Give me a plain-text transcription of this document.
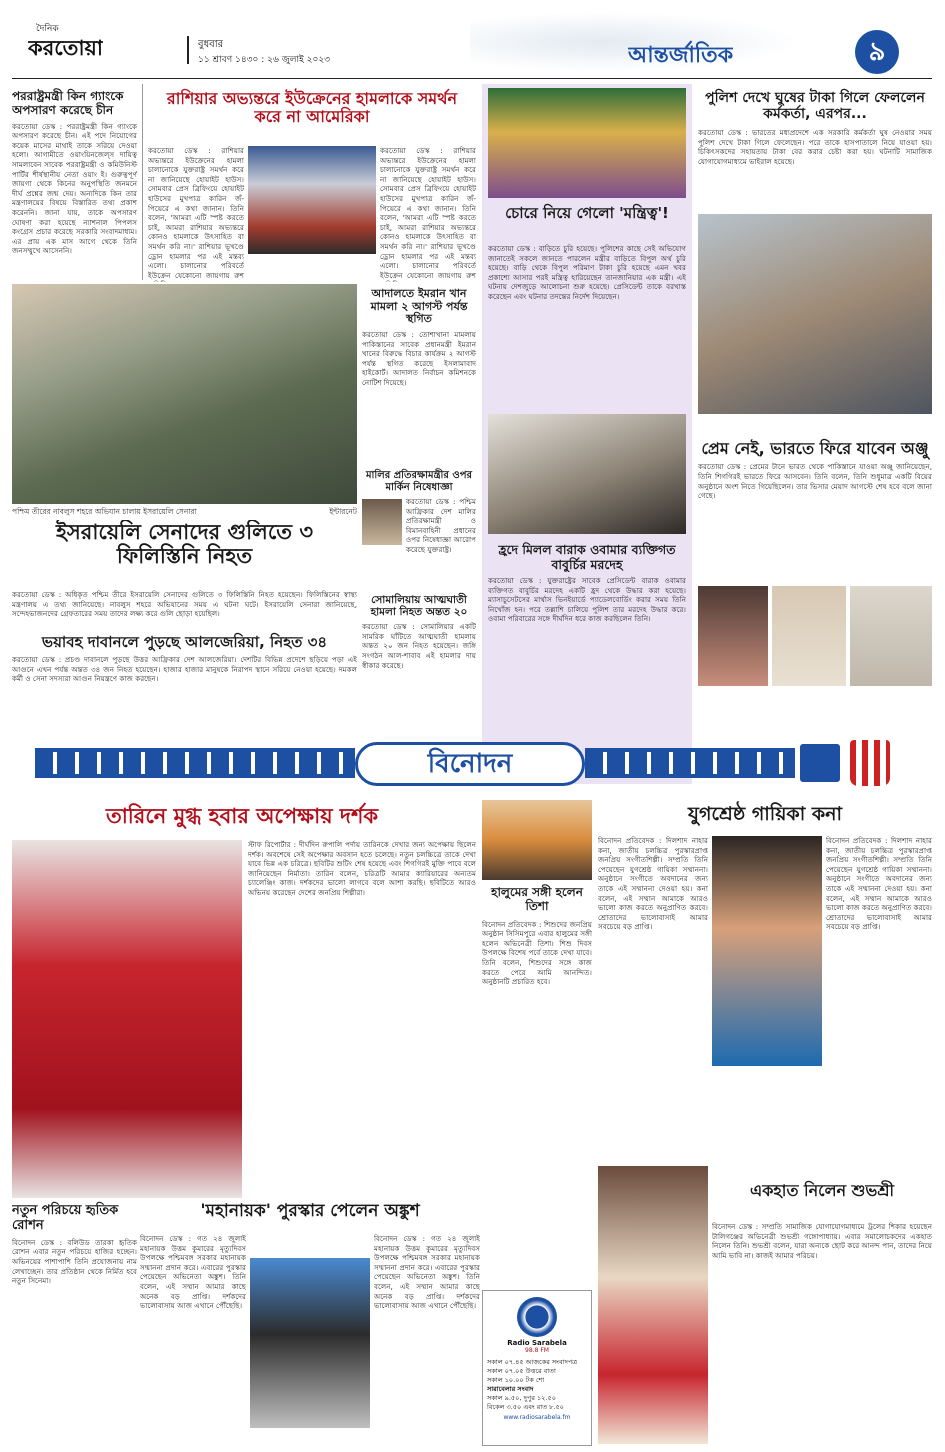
দৈনিক
করতোয়া	বুধবার
১১ শ্রাবণ ১৪৩০ : ২৬ জুলাই ২০২৩	আন্তর্জাতিক	৯
পররাষ্ট্রমন্ত্রী কিন গ্যাংকে অপসারণ করেছে চীন
করতোয়া ডেস্ক : পররাষ্ট্রমন্ত্রী কিন গ্যাংকে অপসারণ করেছে চীন। এই পদে নিয়োগের কয়েক মাসের মাথাই তাকে সরিয়ে দেওয়া হলো। আগামীতে ওয়াংয়িনজেল্স দায়িত্ব সামলাবেন সাবেক পররাষ্ট্রমন্ত্রী ও কমিউনিস্ট পার্টির শীর্ষস্থানীয় নেতা ওয়াং ই। গুরুত্বপূর্ণ জায়গা থেকে কিনের অনুপস্থিতি জনমনে দীর্ঘ প্রশ্নের জন্ম দেয়। অন্যদিকে কিন তার মন্ত্রণালয়ের বিষয়ে বিস্তারিত তথ্য প্রকাশ করেননি। জানা যায়, তাকে অপসারণ ঘোষণা করা হয়েছে ন্যাশনাল পিপলস কংগ্রেস প্রচার করেছে সরকারি সংবাদমাধ্যম। এর প্রায় এক মাস আগে থেকে তিনি জনসম্মুখে আসেননি।
রাশিয়ার অভ্যন্তরে ইউক্রেনের হামলাকে সমর্থন করে না আমেরিকা
করতোয়া ডেস্ক : রাশিয়ার অভ্যন্তরে ইউক্রেনের হামলা চালানোকে যুক্তরাষ্ট্র সমর্থন করে না জানিয়েছে হোয়াইট হাউস। সোমবার প্রেস ব্রিফিংয়ে হোয়াইট হাউসের মুখপাত্র কারিন জঁ-পিয়েরে এ কথা জানান। তিনি বলেন, 'আমরা এটি স্পষ্ট করতে চাই, আমরা রাশিয়ার অভ্যন্তরে কোনও হামলাকে উৎসাহিত বা সমর্থন করি না।' রাশিয়ার ভূখণ্ডে ড্রোন হামলার পর এই মন্তব্য এলো। চালানোর পরিবর্তে ইউক্রেন যেকোনো জায়গায় রুশ
করতোয়া ডেস্ক : রাশিয়ার অভ্যন্তরে ইউক্রেনের হামলা চালানোকে যুক্তরাষ্ট্র সমর্থন করে না জানিয়েছে হোয়াইট হাউস। সোমবার প্রেস ব্রিফিংয়ে হোয়াইট হাউসের মুখপাত্র কারিন জঁ-পিয়েরে এ কথা জানান। তিনি বলেন, 'আমরা এটি স্পষ্ট করতে চাই, আমরা রাশিয়ার অভ্যন্তরে কোনও হামলাকে উৎসাহিত বা সমর্থন করি না।' রাশিয়ার ভূখণ্ডে ড্রোন হামলার পর এই মন্তব্য এলো। চালানোর পরিবর্তে ইউক্রেন যেকোনো জায়গায় রুশ
পশ্চিম তীরের নাবলুস শহরে অভিযান চালায় ইসরায়েলি সেনারা	ইন্টারনেট
আদালতে ইমরান খান মামলা ২ আগস্ট পর্যন্ত স্থগিত
করতোয়া ডেস্ক : তোশাখানা মামলায় পাকিস্তানের সাবেক প্রধানমন্ত্রী ইমরান খানের বিরুদ্ধে বিচার কার্যক্রম ২ আগস্ট পর্যন্ত স্থগিত করেছে ইসলামাবাদ হাইকোর্ট। আদালত নির্বাচন কমিশনকে নোটিশ দিয়েছে।
ইসরায়েলি সেনাদের গুলিতে ৩ ফিলিস্তিনি নিহত
করতোয়া ডেস্ক : অধিকৃত পশ্চিম তীরে ইসরায়েলি সেনাদের গুলিতে ৩ ফিলিস্তিনি নিহত হয়েছেন। ফিলিস্তিনের স্বাস্থ্য মন্ত্রণালয় এ তথ্য জানিয়েছে। নাবলুস শহরে অভিযানের সময় এ ঘটনা ঘটে। ইসরায়েলি সেনারা জানিয়েছে, সন্দেহভাজনদের গ্রেফতারের সময় তাদের লক্ষ্য করে গুলি ছোড়া হয়েছিল।
ভয়াবহ দাবানলে পুড়ছে আলজেরিয়া, নিহত ৩৪
করতোয়া ডেস্ক : প্রচণ্ড দাবানলে পুড়ছে উত্তর আফ্রিকার দেশ আলজেরিয়া। দেশটির বিভিন্ন প্রদেশে ছড়িয়ে পড়া এই আগুনে এখন পর্যন্ত অন্তত ৩৪ জন নিহত হয়েছেন। হাজার হাজার মানুষকে নিরাপদ স্থানে সরিয়ে নেওয়া হয়েছে। দমকল কর্মী ও সেনা সদস্যরা আগুন নিয়ন্ত্রণে কাজ করছেন।
মালির প্রতিরক্ষামন্ত্রীর ওপর মার্কিন নিষেধাজ্ঞা
করতোয়া ডেস্ক : পশ্চিম আফ্রিকার দেশ মালির প্রতিরক্ষামন্ত্রী ও বিমানবাহিনী প্রধানের ওপর নিষেধাজ্ঞা আরোপ করেছে যুক্তরাষ্ট্র।
সোমালিয়ায় আত্মঘাতী হামলা নিহত অন্তত ২০
করতোয়া ডেস্ক : সোমালিয়ার একটি সামরিক ঘাঁটিতে আত্মঘাতী হামলায় অন্তত ২০ জন নিহত হয়েছেন। জঙ্গি সংগঠন আল-শাবাব এই হামলার দায় স্বীকার করেছে।
চোরে নিয়ে গেলো 'মন্ত্রিত্ব'!
করতোয়া ডেস্ক : বাড়িতে চুরি হয়েছে। পুলিশের কাছে সেই অভিযোগ জানাতেই সকলে জানতে পারলেন মন্ত্রীর বাড়িতে বিপুল অর্থ চুরি হয়েছে। বাড়ি থেকে বিপুল পরিমাণ টাকা চুরি হয়েছে এমন খবর প্রকাশ্যে আসার পরই মন্ত্রিত্ব হারিয়েছেন তানজানিয়ার এক মন্ত্রী। এই ঘটনায় দেশজুড়ে আলোচনা শুরু হয়েছে। প্রেসিডেন্ট তাকে বরখাস্ত করেছেন এবং ঘটনার তদন্তের নির্দেশ দিয়েছেন।
হ্রদে মিলল বারাক ওবামার ব্যক্তিগত বাবুর্চির মরদেহ
করতোয়া ডেস্ক : যুক্তরাষ্ট্রের সাবেক প্রেসিডেন্ট বারাক ওবামার ব্যক্তিগত বাবুর্চির মরদেহ একটি হ্রদ থেকে উদ্ধার করা হয়েছে। ম্যাসাচুসেটসের মার্থাস ভিনইয়ার্ডে প্যাডেলবোর্ডিং করার সময় তিনি নিখোঁজ হন। পরে তল্লাশি চালিয়ে পুলিশ তার মরদেহ উদ্ধার করে। ওবামা পরিবারের সঙ্গে দীর্ঘদিন ধরে কাজ করছিলেন তিনি।
পুলিশ দেখে ঘুষের টাকা গিলে ফেললেন কর্মকর্তা, এরপর...
করতোয়া ডেস্ক : ভারতের মধ্যপ্রদেশে এক সরকারি কর্মকর্তা ঘুষ নেওয়ার সময় পুলিশ দেখে টাকা গিলে ফেলেছেন। পরে তাকে হাসপাতালে নিয়ে যাওয়া হয়। চিকিৎসকদের সহায়তায় টাকা বের করার চেষ্টা করা হয়। ঘটনাটি সামাজিক যোগাযোগমাধ্যমে ভাইরাল হয়েছে।
প্রেম নেই, ভারতে ফিরে যাবেন অঞ্জু
করতোয়া ডেস্ক : প্রেমের টানে ভারত থেকে পাকিস্তানে যাওয়া অঞ্জু জানিয়েছেন, তিনি শিগগিরই ভারতে ফিরে আসবেন। তিনি বলেন, তিনি শুধুমাত্র একটি বিয়ের অনুষ্ঠানে অংশ নিতে গিয়েছিলেন। তার ভিসার মেয়াদ আগস্টে শেষ হবে বলে জানা গেছে।
বিনোদন
তারিনে মুগ্ধ হবার অপেক্ষায় দর্শক
স্টাফ রিপোর্টার : দীর্ঘদিন রুপালি পর্দায় তারিনকে দেখার জন্য অপেক্ষায় ছিলেন দর্শক। অবশেষে সেই অপেক্ষার অবসান হতে চলেছে। নতুন চলচ্চিত্রে তাকে দেখা যাবে ভিন্ন এক চরিত্রে। ছবিটির শুটিং শেষ হয়েছে এবং শিগগিরই মুক্তি পাবে বলে জানিয়েছেন নির্মাতা। তারিন বলেন, চরিত্রটি আমার ক্যারিয়ারের অন্যতম চ্যালেঞ্জিং কাজ। দর্শকদের ভালো লাগবে বলে আশা করছি। ছবিটিতে আরও অভিনয় করেছেন দেশের জনপ্রিয় শিল্পীরা।
নতুন পরিচয়ে হৃতিক রোশন
বিনোদন ডেস্ক : বলিউড তারকা হৃতিক রোশন এবার নতুন পরিচয়ে হাজির হচ্ছেন। অভিনয়ের পাশাপাশি তিনি প্রযোজনায় নাম লেখাচ্ছেন। তার প্রতিষ্ঠান থেকে নির্মিত হবে নতুন সিনেমা।
'মহানায়ক' পুরস্কার পেলেন অঙ্কুশ
বিনোদন ডেস্ক : গত ২৪ জুলাই মহানায়ক উত্তম কুমারের মৃত্যুদিবস উপলক্ষে পশ্চিমবঙ্গ সরকার মহানায়ক সম্মাননা প্রদান করে। এবারের পুরস্কার পেয়েছেন অভিনেতা অঙ্কুশ। তিনি বলেন, এই সম্মান আমার কাছে অনেক বড় প্রাপ্তি। দর্শকদের ভালোবাসায় আজ এখানে পৌঁছেছি।
বিনোদন ডেস্ক : গত ২৪ জুলাই মহানায়ক উত্তম কুমারের মৃত্যুদিবস উপলক্ষে পশ্চিমবঙ্গ সরকার মহানায়ক সম্মাননা প্রদান করে। এবারের পুরস্কার পেয়েছেন অভিনেতা অঙ্কুশ। তিনি বলেন, এই সম্মান আমার কাছে অনেক বড় প্রাপ্তি। দর্শকদের ভালোবাসায় আজ এখানে পৌঁছেছি।
হালুমের সঙ্গী হলেন তিশা
বিনোদন প্রতিবেদক : শিশুদের জনপ্রিয় অনুষ্ঠান সিসিমপুরে এবার হালুমের সঙ্গী হলেন অভিনেত্রী তিশা। শিশু দিবস উপলক্ষে বিশেষ পর্বে তাকে দেখা যাবে। তিনি বলেন, শিশুদের সঙ্গে কাজ করতে পেরে আমি আনন্দিত। অনুষ্ঠানটি প্রচারিত হবে।
যুগশ্রেষ্ঠ গায়িকা কনা
বিনোদন প্রতিবেদক : দিলশাদ নাহার কনা, জাতীয় চলচ্চিত্র পুরস্কারপ্রাপ্ত জনপ্রিয় সংগীতশিল্পী। সম্প্রতি তিনি পেয়েছেন যুগশ্রেষ্ঠ গায়িকা সম্মাননা। অনুষ্ঠানে সংগীতে অবদানের জন্য তাকে এই সম্মাননা দেওয়া হয়। কনা বলেন, এই সম্মান আমাকে আরও ভালো কাজ করতে অনুপ্রাণিত করবে। শ্রোতাদের ভালোবাসাই আমার সবচেয়ে বড় প্রাপ্তি।
বিনোদন প্রতিবেদক : দিলশাদ নাহার কনা, জাতীয় চলচ্চিত্র পুরস্কারপ্রাপ্ত জনপ্রিয় সংগীতশিল্পী। সম্প্রতি তিনি পেয়েছেন যুগশ্রেষ্ঠ গায়িকা সম্মাননা। অনুষ্ঠানে সংগীতে অবদানের জন্য তাকে এই সম্মাননা দেওয়া হয়। কনা বলেন, এই সম্মান আমাকে আরও ভালো কাজ করতে অনুপ্রাণিত করবে। শ্রোতাদের ভালোবাসাই আমার সবচেয়ে বড় প্রাপ্তি।
একহাত নিলেন শুভশ্রী
বিনোদন ডেস্ক : সম্প্রতি সামাজিক যোগাযোগমাধ্যমে ট্রলের শিকার হয়েছেন টালিগঞ্জের অভিনেত্রী শুভশ্রী গঙ্গোপাধ্যায়। এবার সমালোচকদের একহাত নিলেন তিনি। শুভশ্রী বলেন, যারা অন্যকে ছোট করে আনন্দ পান, তাদের নিয়ে আমি ভাবি না। কাজই আমার পরিচয়।
Radio Sarabela
98.8 FM
সকাল ০৭.৪৫ আজকের সংবাদপত্র
সকাল ০৭.০৫ উত্তরে বাতা
সকাল ১০.০০ টক শো
সারাবেলার সংবাদ
সকাল ৯.৫০, দুপুর ১২.৫০
বিকেল ৩.৫০ এবং রাত ৮.৫০
www.radiosarabela.fm
